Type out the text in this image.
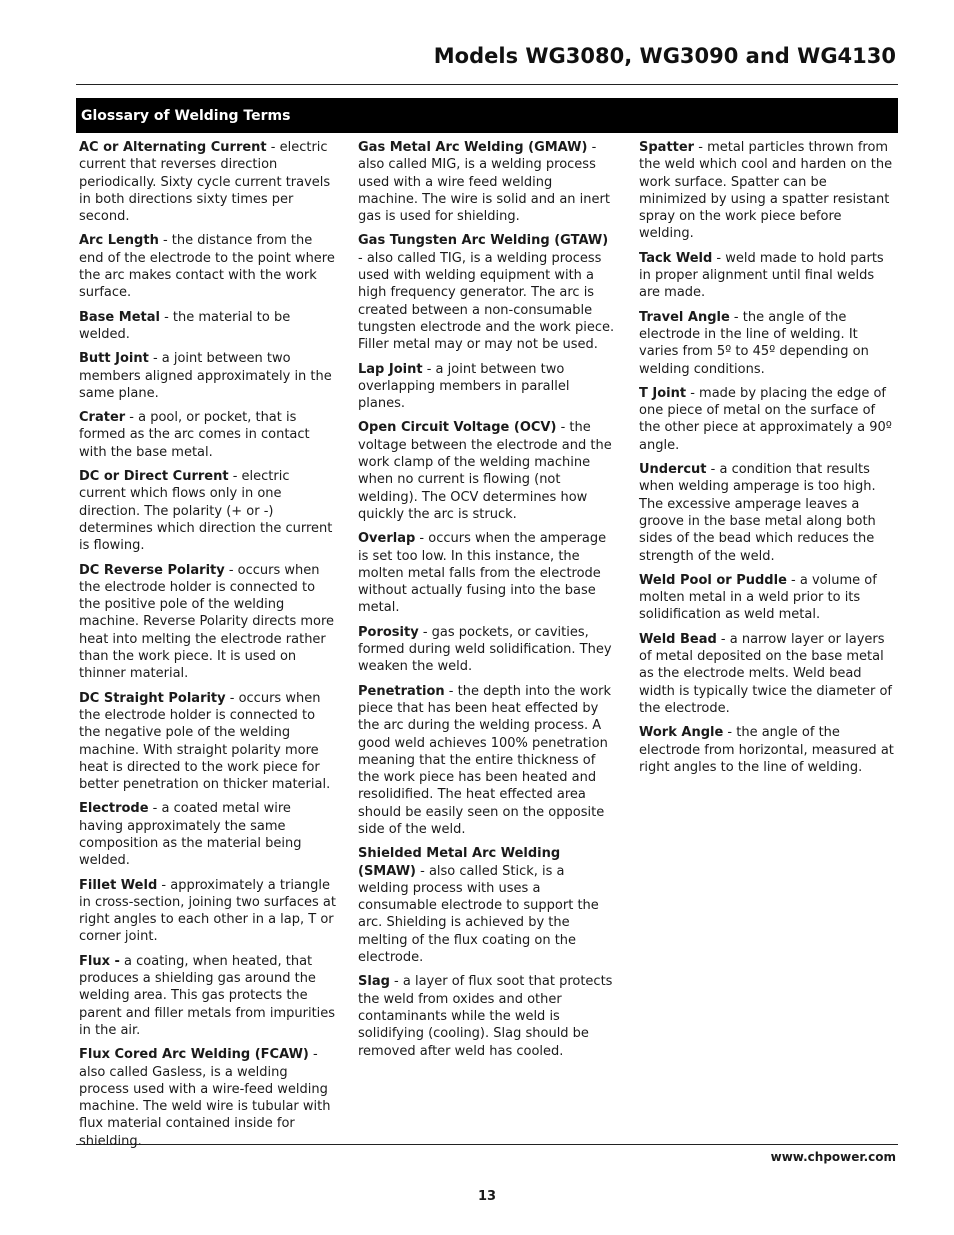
Models WG3080, WG3090 and WG4130
Glossary of Welding Terms

AC or Alternating Current - electric current that reverses direction periodically. Sixty cycle current travels in both directions sixty times per second.

Arc Length - the distance from the end of the electrode to the point where the arc makes contact with the work surface.

Base Metal - the material to be welded.

Butt Joint - a joint between two members aligned approximately in the same plane.

Crater - a pool, or pocket, that is formed as the arc comes in contact with the base metal.

DC or Direct Current - electric current which flows only in one direction. The polarity (+ or -) determines which direction the current is flowing.

DC Reverse Polarity - occurs when the electrode holder is connected to the positive pole of the welding machine. Reverse Polarity directs more heat into melting the electrode rather than the work piece. It is used on thinner material.

DC Straight Polarity - occurs when the electrode holder is connected to the negative pole of the welding machine. With straight polarity more heat is directed to the work piece for better penetration on thicker material.

Electrode - a coated metal wire having approximately the same composition as the material being welded.

Fillet Weld - approximately a triangle in cross-section, joining two surfaces at right angles to each other in a lap, T or corner joint.

Flux - a coating, when heated, that produces a shielding gas around the welding area. This gas protects the parent and filler metals from impurities in the air.

Flux Cored Arc Welding (FCAW) - also called Gasless, is a welding process used with a wire-feed welding machine. The weld wire is tubular with flux material contained inside for shielding.

Gas Metal Arc Welding (GMAW) - also called MIG, is a welding process used with a wire feed welding machine. The wire is solid and an inert gas is used for shielding.

Gas Tungsten Arc Welding (GTAW) - also called TIG, is a welding process used with welding equipment with a high frequency generator. The arc is created between a non-consumable tungsten electrode and the work piece. Filler metal may or may not be used.

Lap Joint - a joint between two overlapping members in parallel planes.

Open Circuit Voltage (OCV) - the voltage between the electrode and the work clamp of the welding machine when no current is flowing (not welding). The OCV determines how quickly the arc is struck.

Overlap - occurs when the amperage is set too low. In this instance, the molten metal falls from the electrode without actually fusing into the base metal.

Porosity - gas pockets, or cavities, formed during weld solidification. They weaken the weld.

Penetration - the depth into the work piece that has been heat effected by the arc during the welding process. A good weld achieves 100% penetration meaning that the entire thickness of the work piece has been heated and resolidified. The heat effected area should be easily seen on the opposite side of the weld.

Shielded Metal Arc Welding (SMAW) - also called Stick, is a welding process with uses a consumable electrode to support the arc. Shielding is achieved by the melting of the flux coating on the electrode.

Slag - a layer of flux soot that protects the weld from oxides and other contaminants while the weld is solidifying (cooling). Slag should be removed after weld has cooled.

Spatter - metal particles thrown from the weld which cool and harden on the work surface. Spatter can be minimized by using a spatter resistant spray on the work piece before welding.

Tack Weld - weld made to hold parts in proper alignment until final welds are made.

Travel Angle - the angle of the electrode in the line of welding. It varies from 5º to 45º depending on welding conditions.

T Joint - made by placing the edge of one piece of metal on the surface of the other piece at approximately a 90º angle.

Undercut - a condition that results when welding amperage is too high. The excessive amperage leaves a groove in the base metal along both sides of the bead which reduces the strength of the weld.

Weld Pool or Puddle - a volume of molten metal in a weld prior to its solidification as weld metal.

Weld Bead - a narrow layer or layers of metal deposited on the base metal as the electrode melts. Weld bead width is typically twice the diameter of the electrode.

Work Angle - the angle of the electrode from horizontal, measured at right angles to the line of welding.

www.chpower.com
13
